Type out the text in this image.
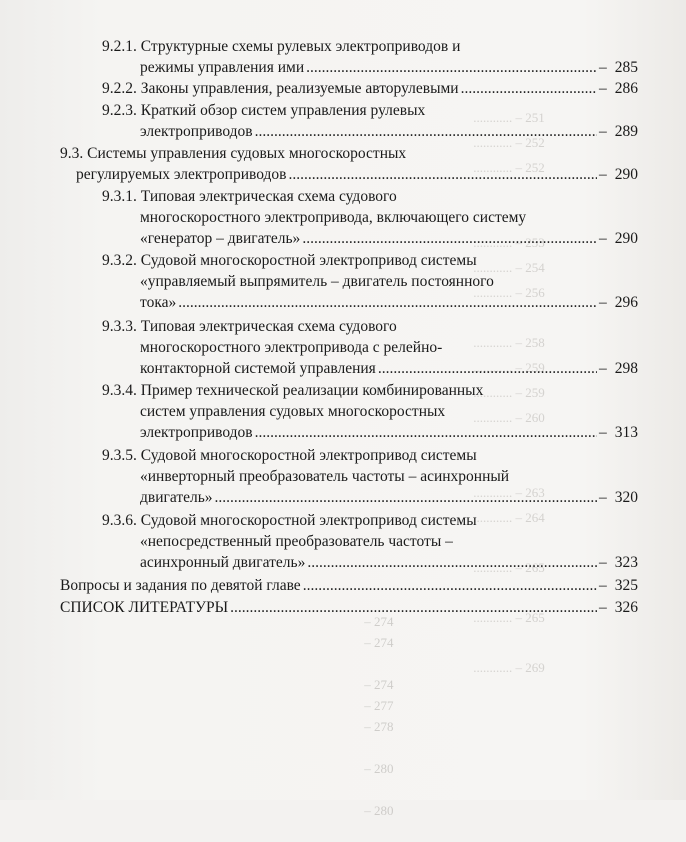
............ – 251
............ – 252
............ – 252

............ – 253
............ – 254
............ – 256

............ – 258
............ – 259
............ – 259
............ – 260

............ – 263
............ – 264

............ – 265

............ – 265

............ – 269

– 274
– 274

– 274
– 277
– 278

– 280

– 280

9.2.1. Структурные схемы рулевых электроприводов и
режимы управления ими .....	– 285
9.2.2. Законы управления, реализуемые авторулевыми .....	– 286
9.2.3. Краткий обзор систем управления рулевых
электроприводов .....	– 289
9.3. Системы управления судовых многоскоростных
регулируемых электроприводов .....	– 290
9.3.1. Типовая электрическая схема судового
многоскоростного электропривода, включающего систему
«генератор – двигатель» .....	– 290
9.3.2. Судовой многоскоростной электропривод системы
«управляемый выпрямитель – двигатель постоянного
тока» .....	– 296
9.3.3. Типовая электрическая схема судового
многоскоростного электропривода с релейно-
контакторной системой управления .....	– 298
9.3.4. Пример технической реализации комбинированных
систем управления судовых многоскоростных
электроприводов .....	– 313
9.3.5. Судовой многоскоростной электропривод системы
«инверторный преобразователь частоты – асинхронный
двигатель» .....	– 320
9.3.6. Судовой многоскоростной электропривод системы
«непосредственный преобразователь частоты –
асинхронный двигатель» .....	– 323
Вопросы и задания по девятой главе .....	– 325
СПИСОК ЛИТЕРАТУРЫ .....	– 326
